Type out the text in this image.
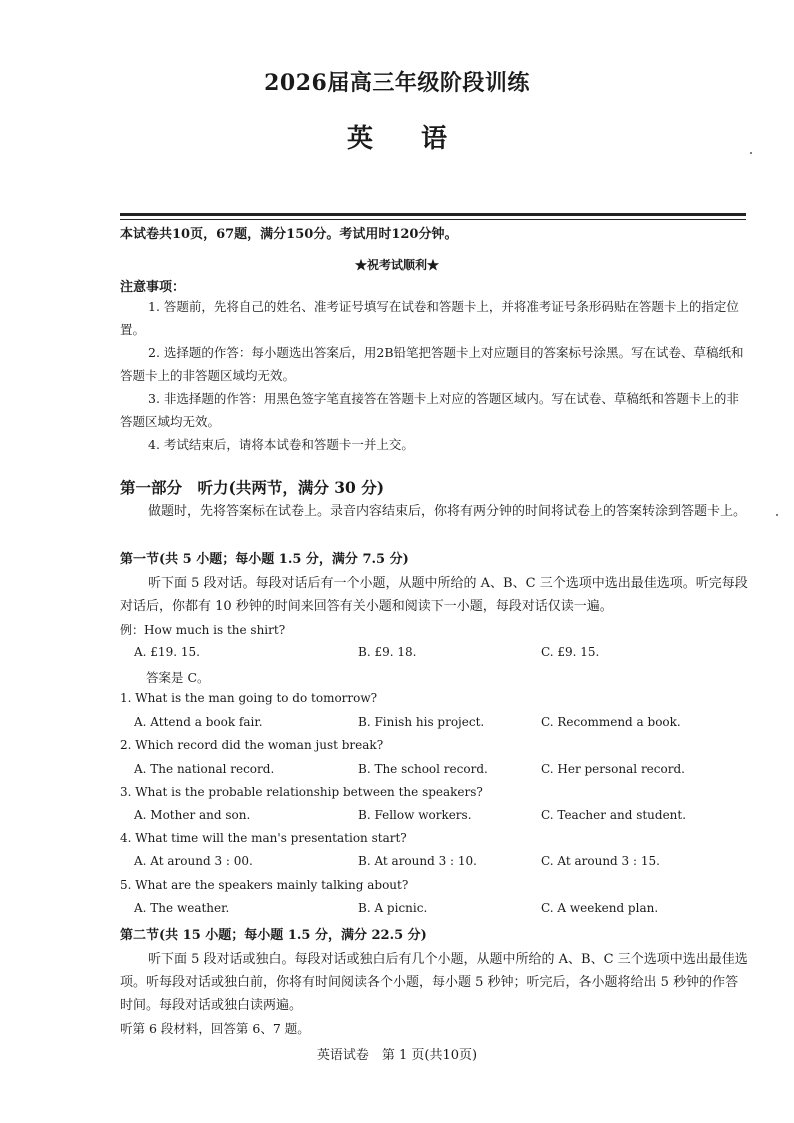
2026届高三年级阶段训练
英 语
本试卷共10页，67题，满分150分。考试用时120分钟。
★祝考试顺利★
注意事项：
1. 答题前，先将自己的姓名、准考证号填写在试卷和答题卡上，并将准考证号条形码贴在答题卡上的指定位置。
2. 选择题的作答：每小题选出答案后，用2B铅笔把答题卡上对应题目的答案标号涂黑。写在试卷、草稿纸和答题卡上的非答题区域均无效。
3. 非选择题的作答：用黑色签字笔直接答在答题卡上对应的答题区域内。写在试卷、草稿纸和答题卡上的非答题区域均无效。
4. 考试结束后，请将本试卷和答题卡一并上交。
第一部分　听力(共两节，满分 30 分)
做题时，先将答案标在试卷上。录音内容结束后，你将有两分钟的时间将试卷上的答案转涂到答题卡上。
第一节(共 5 小题；每小题 1.5 分，满分 7.5 分)
听下面 5 段对话。每段对话后有一个小题，从题中所给的 A、B、C 三个选项中选出最佳选项。听完每段对话后，你都有 10 秒钟的时间来回答有关小题和阅读下一小题，每段对话仅读一遍。
例：How much is the shirt?
A. £19. 15.	B. £9. 18.	C. £9. 15.
答案是 C。
1. What is the man going to do tomorrow?
A. Attend a book fair.	B. Finish his project.	C. Recommend a book.
2. Which record did the woman just break?
A. The national record.	B. The school record.	C. Her personal record.
3. What is the probable relationship between the speakers?
A. Mother and son.	B. Fellow workers.	C. Teacher and student.
4. What time will the man's presentation start?
A. At around 3 : 00.	B. At around 3 : 10.	C. At around 3 : 15.
5. What are the speakers mainly talking about?
A. The weather.	B. A picnic.	C. A weekend plan.
第二节(共 15 小题；每小题 1.5 分，满分 22.5 分)
听下面 5 段对话或独白。每段对话或独白后有几个小题，从题中所给的 A、B、C 三个选项中选出最佳选项。听每段对话或独白前，你将有时间阅读各个小题，每小题 5 秒钟；听完后，各小题将给出 5 秒钟的作答时间。每段对话或独白读两遍。
听第 6 段材料，回答第 6、7 题。
英语试卷　第 1 页(共10页)
